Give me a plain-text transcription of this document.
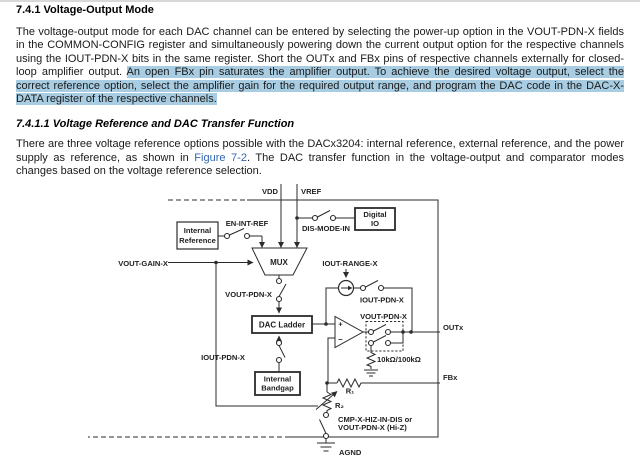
7.4.1 Voltage-Output Mode

The voltage-output mode for each DAC channel can be entered by selecting the power-up option in the VOUT-PDN-X fields in the COMMON-CONFIG register and simultaneously powering down the current output option for the respective channels using the IOUT-PDN-X bits in the same register. Short the OUTx and FBx pins of respective channels externally for closed-loop amplifier output. An open FBx pin saturates the amplifier output. To achieve the desired voltage output, select the correct reference option, select the amplifier gain for the required output range, and program the DAC code in the DAC-X-DATA register of the respective channels.

7.4.1.1 Voltage Reference and DAC Transfer Function

There are three voltage reference options possible with the DACx3204: internal reference, external reference, and the power supply as reference, as shown in Figure 7-2. The DAC transfer function in the voltage-output and comparator modes changes based on the voltage reference selection.

VDD	VREF
Internal
Reference
EN-INT-REF
DIS-MODE-IN
Digital
IO
MUX
VOUT-GAIN-X
VOUT-PDN-X
DAC Ladder
IOUT-PDN-X
Internal
Bandgap
IOUT-RANGE-X
IOUT-PDN-X
+
−
VOUT-PDN-X
10kΩ/100kΩ
OUTx
R₁
FBx
R₂
CMP-X-HIZ-IN-DIS or
VOUT-PDN-X (Hi-Z)
AGND
